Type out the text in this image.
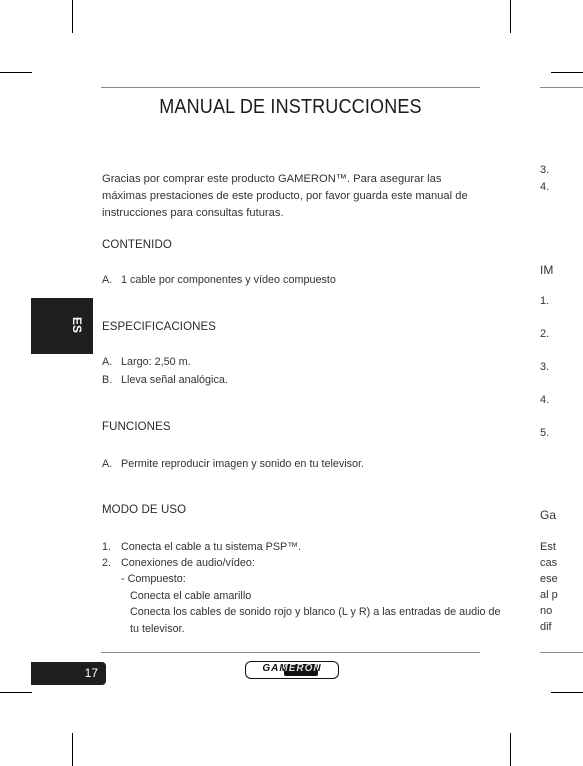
MANUAL DE INSTRUCCIONES
Gracias por comprar este producto GAMERON™. Para asegurar las máximas prestaciones de este producto, por favor guarda este manual de instrucciones para consultas futuras.
CONTENIDO
A. 1 cable por componentes y vídeo compuesto
ES ESPECIFICACIONES
A. Largo: 2,50 m.
B. Lleva señal analógica.
FUNCIONES
A. Permite reproducir imagen y sonido en tu televisor.
MODO DE USO
1. Conecta el cable a tu sistema PSP™.
2. Conexiones de audio/vídeo:
- Compuesto:
Conecta el cable amarillo
Conecta los cables de sonido rojo y blanco (L y R) a las entradas de audio de
tu televisor.
17	GAMERON
3.
4.
IM
1.
2.
3.
4.
5.
Ga
Est
cas
ese
al p
no
dif
